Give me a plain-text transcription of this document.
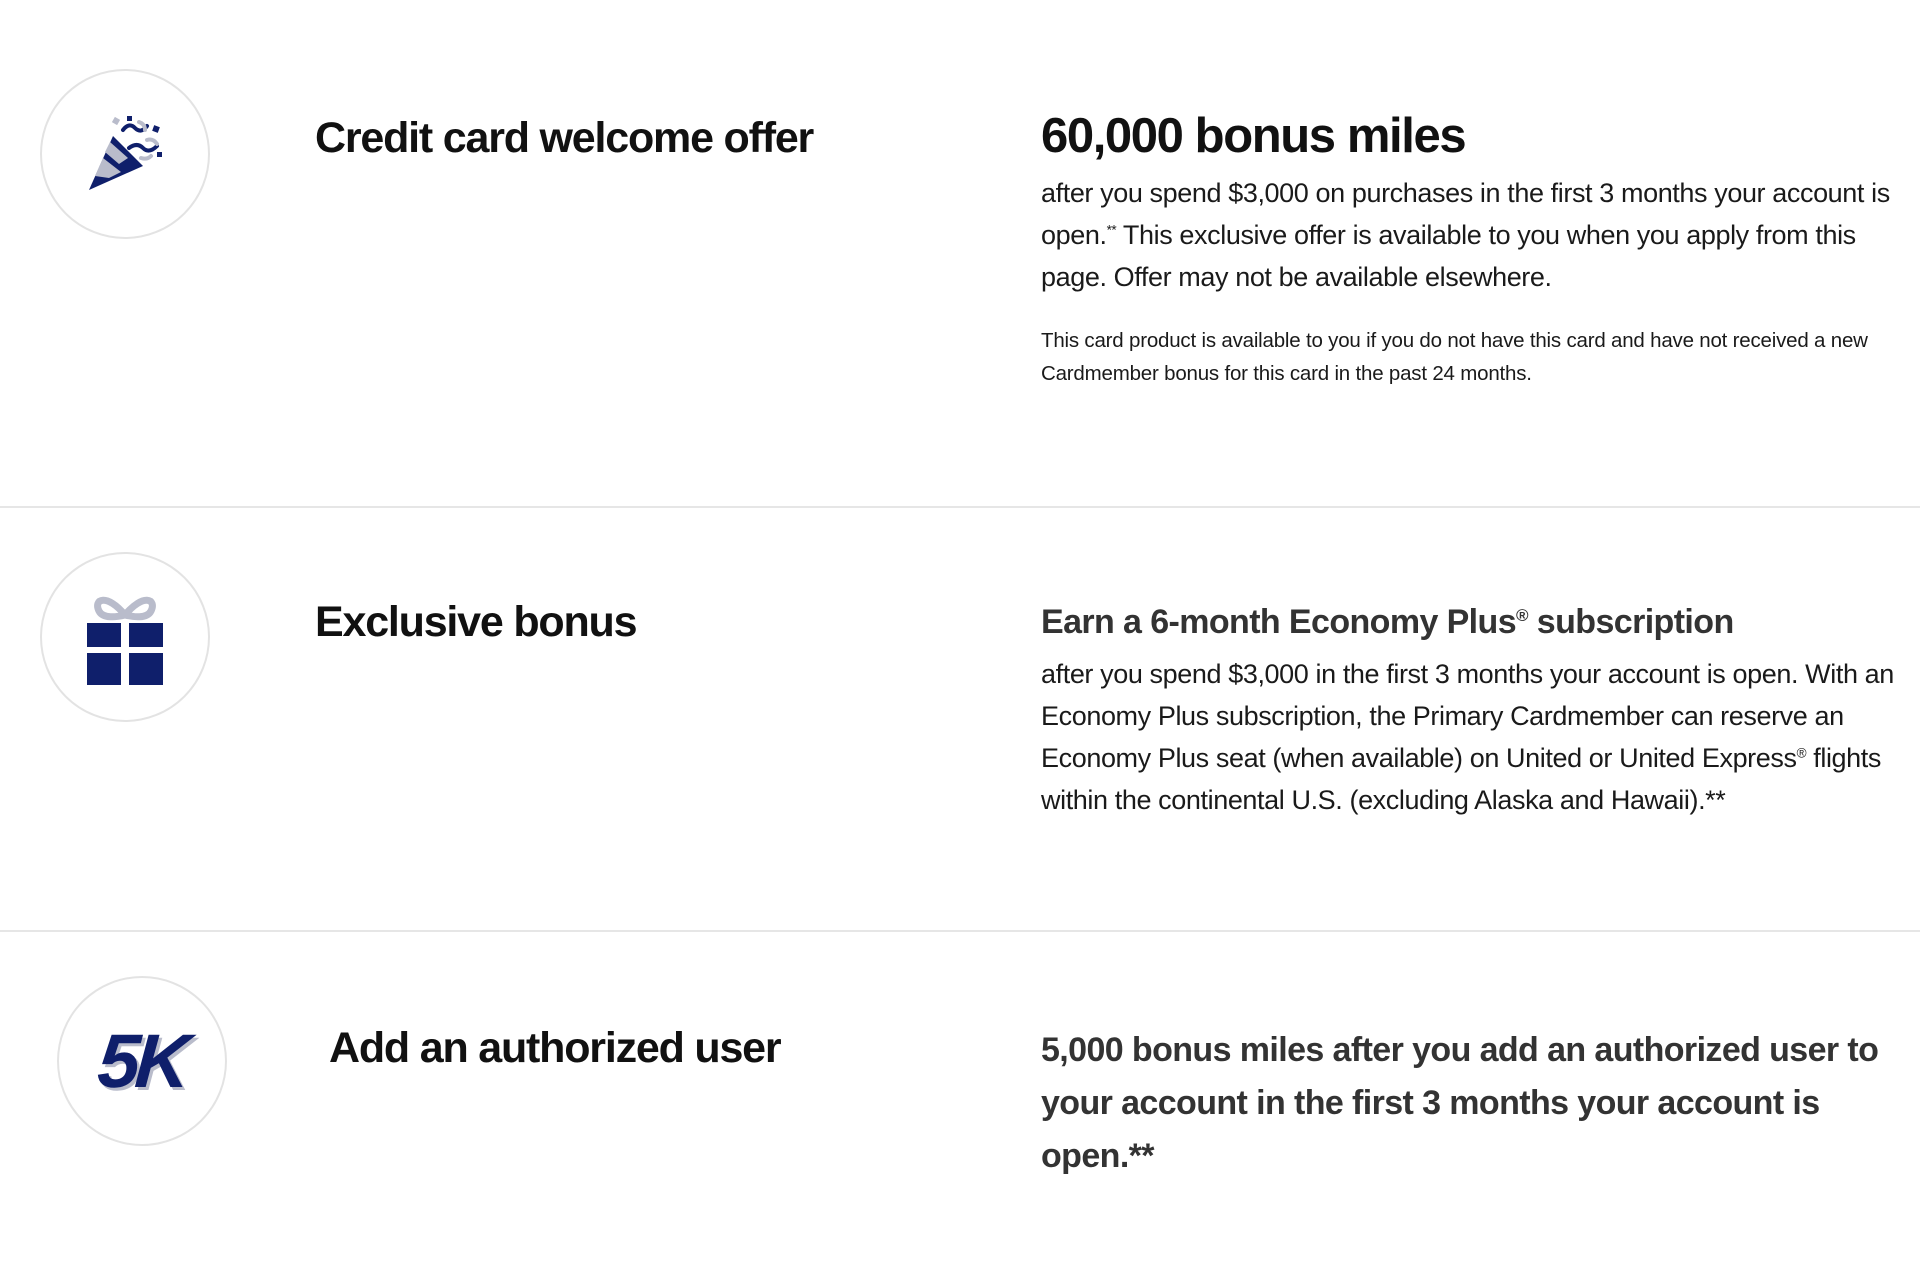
Credit card welcome offer	60,000 bonus miles

after you spend $3,000 on purchases in the first 3 months your account is open.** This exclusive offer is available to you when you apply from this page. Offer may not be available elsewhere.

This card product is available to you if you do not have this card and have not received a new Cardmember bonus for this card in the past 24 months.

Exclusive bonus	Earn a 6-month Economy Plus® subscription

after you spend $3,000 in the first 3 months your account is open. With an Economy Plus subscription, the Primary Cardmember can reserve an Economy Plus seat (when available) on United or United Express® flights within the continental U.S. (excluding Alaska and Hawaii).**

5K	Add an authorized user	5,000 bonus miles after you add an authorized user to your account in the first 3 months your account is open.**
